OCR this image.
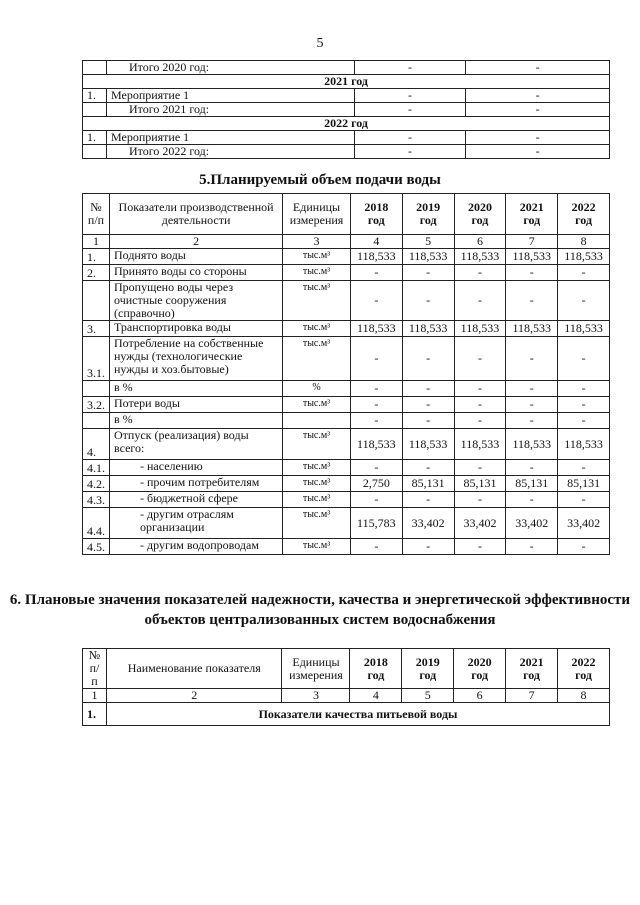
5
	Итого 2020 год:	-	-
2021 год			
1.	Мероприятие 1	-	-
	Итого 2021 год:	-	-
2022 год			
1.	Мероприятие 1	-	-
	Итого 2022 год:	-	-
5.Планируемый объем подачи воды
№ п/п	Показатели производственной деятельности	Единицы измерения	2018 год	2019 год	2020 год	2021 год	2022 год
1	2	3	4	5	6	7	8
1.	Поднято воды	тыс.м³	118,533	118,533	118,533	118,533	118,533
2.	Принято воды со стороны	тыс.м³	-	-	-	-	-
	Пропущено воды через очистные сооружения (справочно)	тыс.м³	-	-	-	-	-
3.	Транспортировка воды	тыс.м³	118,533	118,533	118,533	118,533	118,533
3.1.	Потребление на собственные нужды (технологические нужды и хоз.бытовые)	тыс.м³	-	-	-	-	-
	в %	%	-	-	-	-	-
3.2.	Потери воды	тыс.м³	-	-	-	-	-
	в %		-	-	-	-	-
4.	Отпуск (реализация) воды всего:	тыс.м³	118,533	118,533	118,533	118,533	118,533
4.1.	- населению	тыс.м³	-	-	-	-	-
4.2.	- прочим потребителям	тыс.м³	2,750	85,131	85,131	85,131	85,131
4.3.	- бюджетной сфере	тыс.м³	-	-	-	-	-
4.4.	- другим отраслям организации	тыс.м³	115,783	33,402	33,402	33,402	33,402
4.5.	- другим водопроводам	тыс.м³	-	-	-	-	-
6. Плановые значения показателей надежности, качества и энергетической эффективности объектов централизованных систем водоснабжения
№ п/п	Наименование показателя	Единицы измерения	2018 год	2019 год	2020 год	2021 год	2022 год
1	2	3	4	5	6	7	8
1.	Показатели качества питьевой воды						
